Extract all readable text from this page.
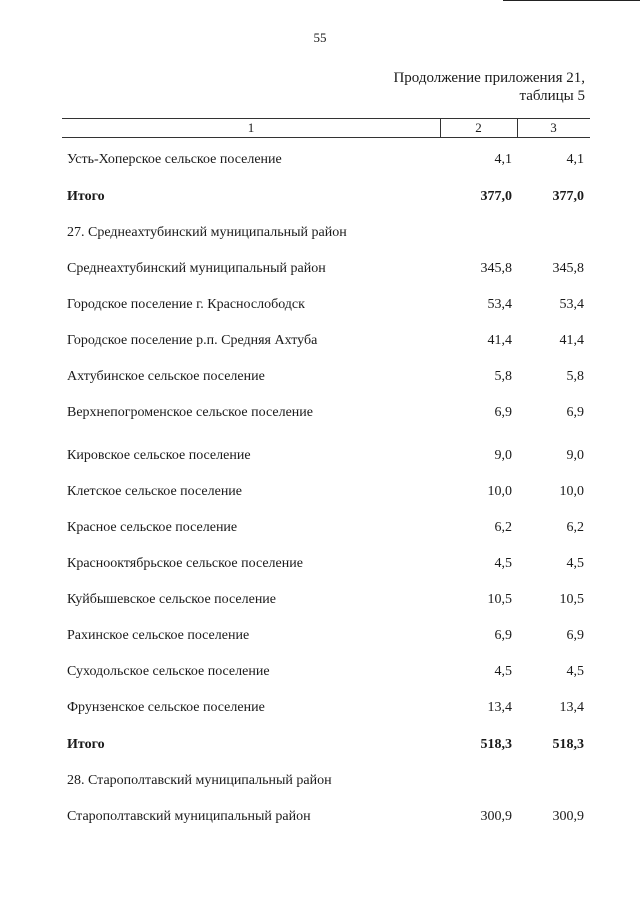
55
Продолжение приложения 21,
таблицы 5
1	2	3
Усть-Хоперское сельское поселение	4,1	4,1
Итого	377,0	377,0
27. Среднеахтубинский муниципальный район
Среднеахтубинский муниципальный район	345,8	345,8
Городское поселение г. Краснослободск	53,4	53,4
Городское поселение р.п. Средняя Ахтуба	41,4	41,4
Ахтубинское сельское поселение	5,8	5,8
Верхнепогроменское сельское поселение	6,9	6,9
Кировское сельское поселение	9,0	9,0
Клетское сельское поселение	10,0	10,0
Красное сельское поселение	6,2	6,2
Краснооктябрьское сельское поселение	4,5	4,5
Куйбышевское сельское поселение	10,5	10,5
Рахинское сельское поселение	6,9	6,9
Суходольское сельское поселение	4,5	4,5
Фрунзенское сельское поселение	13,4	13,4
Итого	518,3	518,3
28. Старополтавский муниципальный район
Старополтавский муниципальный район	300,9	300,9
